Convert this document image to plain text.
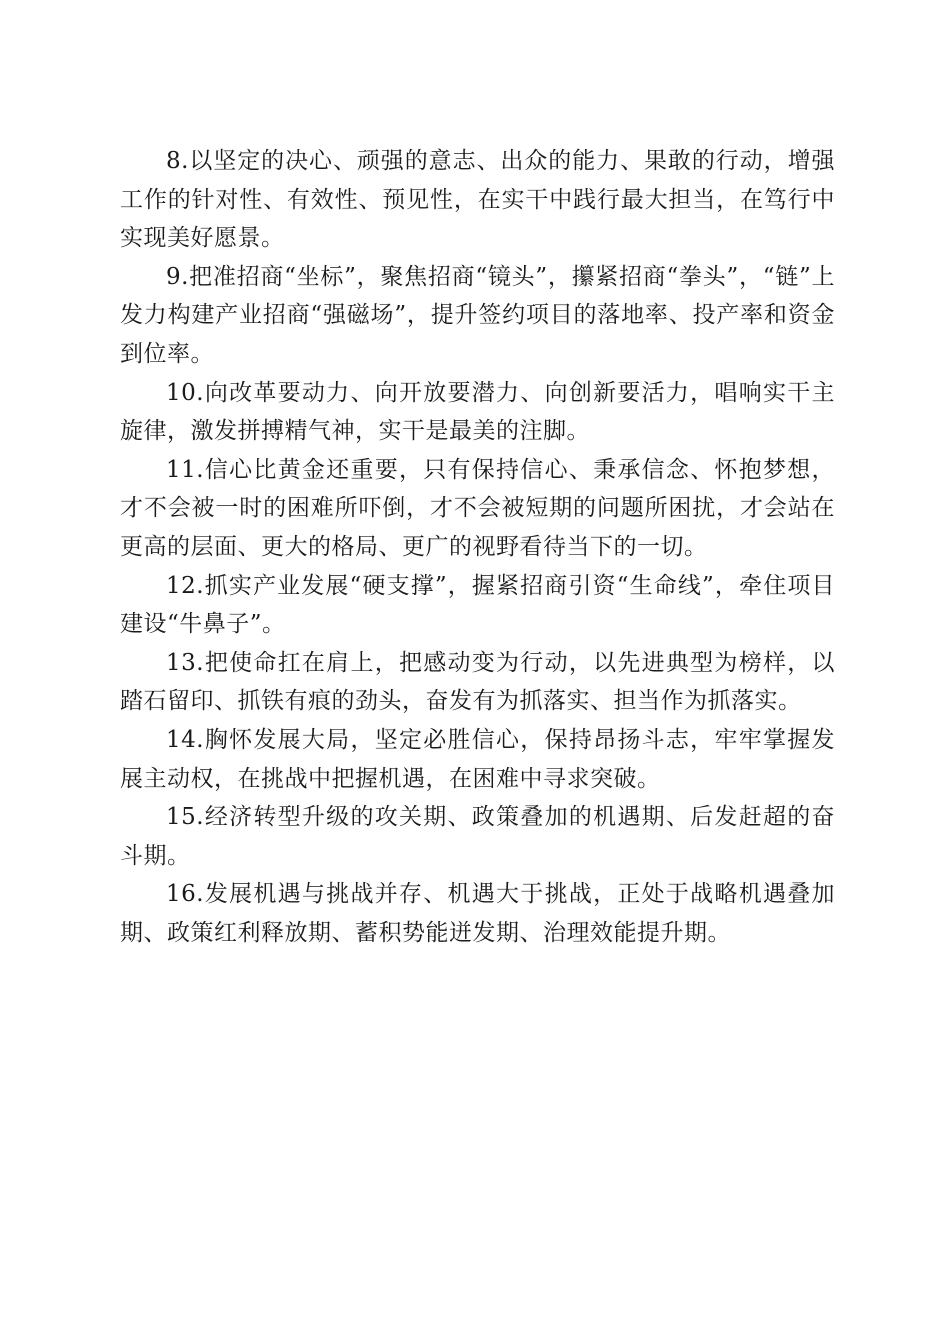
8.以坚定的决心、顽强的意志、出众的能力、果敢的行动，增强工作的针对性、有效性、预见性，在实干中践行最大担当，在笃行中实现美好愿景。

9.把准招商“坐标”，聚焦招商“镜头”，攥紧招商“拳头”，“链”上发力构建产业招商“强磁场”，提升签约项目的落地率、投产率和资金到位率。

10.向改革要动力、向开放要潜力、向创新要活力，唱响实干主旋律，激发拼搏精气神，实干是最美的注脚。

11.信心比黄金还重要，只有保持信心、秉承信念、怀抱梦想，才不会被一时的困难所吓倒，才不会被短期的问题所困扰，才会站在更高的层面、更大的格局、更广的视野看待当下的一切。

12.抓实产业发展“硬支撑”，握紧招商引资“生命线”，牵住项目建设“牛鼻子”。

13.把使命扛在肩上，把感动变为行动，以先进典型为榜样，以踏石留印、抓铁有痕的劲头，奋发有为抓落实、担当作为抓落实。

14.胸怀发展大局，坚定必胜信心，保持昂扬斗志，牢牢掌握发展主动权，在挑战中把握机遇，在困难中寻求突破。

15.经济转型升级的攻关期、政策叠加的机遇期、后发赶超的奋斗期。

16.发展机遇与挑战并存、机遇大于挑战，正处于战略机遇叠加期、政策红利释放期、蓄积势能迸发期、治理效能提升期。
